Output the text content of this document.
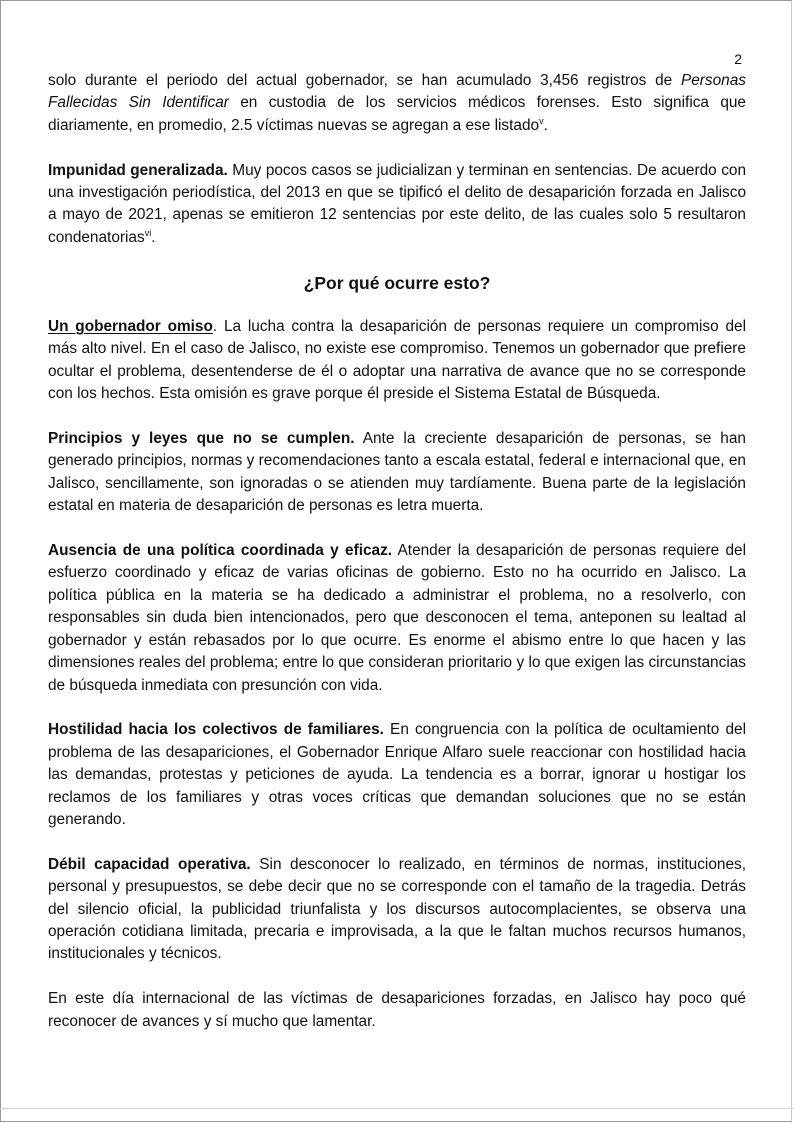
2

solo durante el periodo del actual gobernador, se han acumulado 3,456 registros de Personas Fallecidas Sin Identificar en custodia de los servicios médicos forenses. Esto significa que diariamente, en promedio, 2.5 víctimas nuevas se agregan a ese listado$^v$.

Impunidad generalizada. Muy pocos casos se judicializan y terminan en sentencias. De acuerdo con una investigación periodística, del 2013 en que se tipificó el delito de desaparición forzada en Jalisco a mayo de 2021, apenas se emitieron 12 sentencias por este delito, de las cuales solo 5 resultaron condenatorias$^{vi}$.

¿Por qué ocurre esto?

Un gobernador omiso. La lucha contra la desaparición de personas requiere un compromiso del más alto nivel. En el caso de Jalisco, no existe ese compromiso. Tenemos un gobernador que prefiere ocultar el problema, desentenderse de él o adoptar una narrativa de avance que no se corresponde con los hechos. Esta omisión es grave porque él preside el Sistema Estatal de Búsqueda.

Principios y leyes que no se cumplen. Ante la creciente desaparición de personas, se han generado principios, normas y recomendaciones tanto a escala estatal, federal e internacional que, en Jalisco, sencillamente, son ignoradas o se atienden muy tardíamente. Buena parte de la legislación estatal en materia de desaparición de personas es letra muerta.

Ausencia de una política coordinada y eficaz. Atender la desaparición de personas requiere del esfuerzo coordinado y eficaz de varias oficinas de gobierno. Esto no ha ocurrido en Jalisco. La política pública en la materia se ha dedicado a administrar el problema, no a resolverlo, con responsables sin duda bien intencionados, pero que desconocen el tema, anteponen su lealtad al gobernador y están rebasados por lo que ocurre. Es enorme el abismo entre lo que hacen y las dimensiones reales del problema; entre lo que consideran prioritario y lo que exigen las circunstancias de búsqueda inmediata con presunción con vida.

Hostilidad hacia los colectivos de familiares. En congruencia con la política de ocultamiento del problema de las desapariciones, el Gobernador Enrique Alfaro suele reaccionar con hostilidad hacia las demandas, protestas y peticiones de ayuda. La tendencia es a borrar, ignorar u hostigar los reclamos de los familiares y otras voces críticas que demandan soluciones que no se están generando.

Débil capacidad operativa. Sin desconocer lo realizado, en términos de normas, instituciones, personal y presupuestos, se debe decir que no se corresponde con el tamaño de la tragedia. Detrás del silencio oficial, la publicidad triunfalista y los discursos autocomplacientes, se observa una operación cotidiana limitada, precaria e improvisada, a la que le faltan muchos recursos humanos, institucionales y técnicos.

En este día internacional de las víctimas de desapariciones forzadas, en Jalisco hay poco qué reconocer de avances y sí mucho que lamentar.
